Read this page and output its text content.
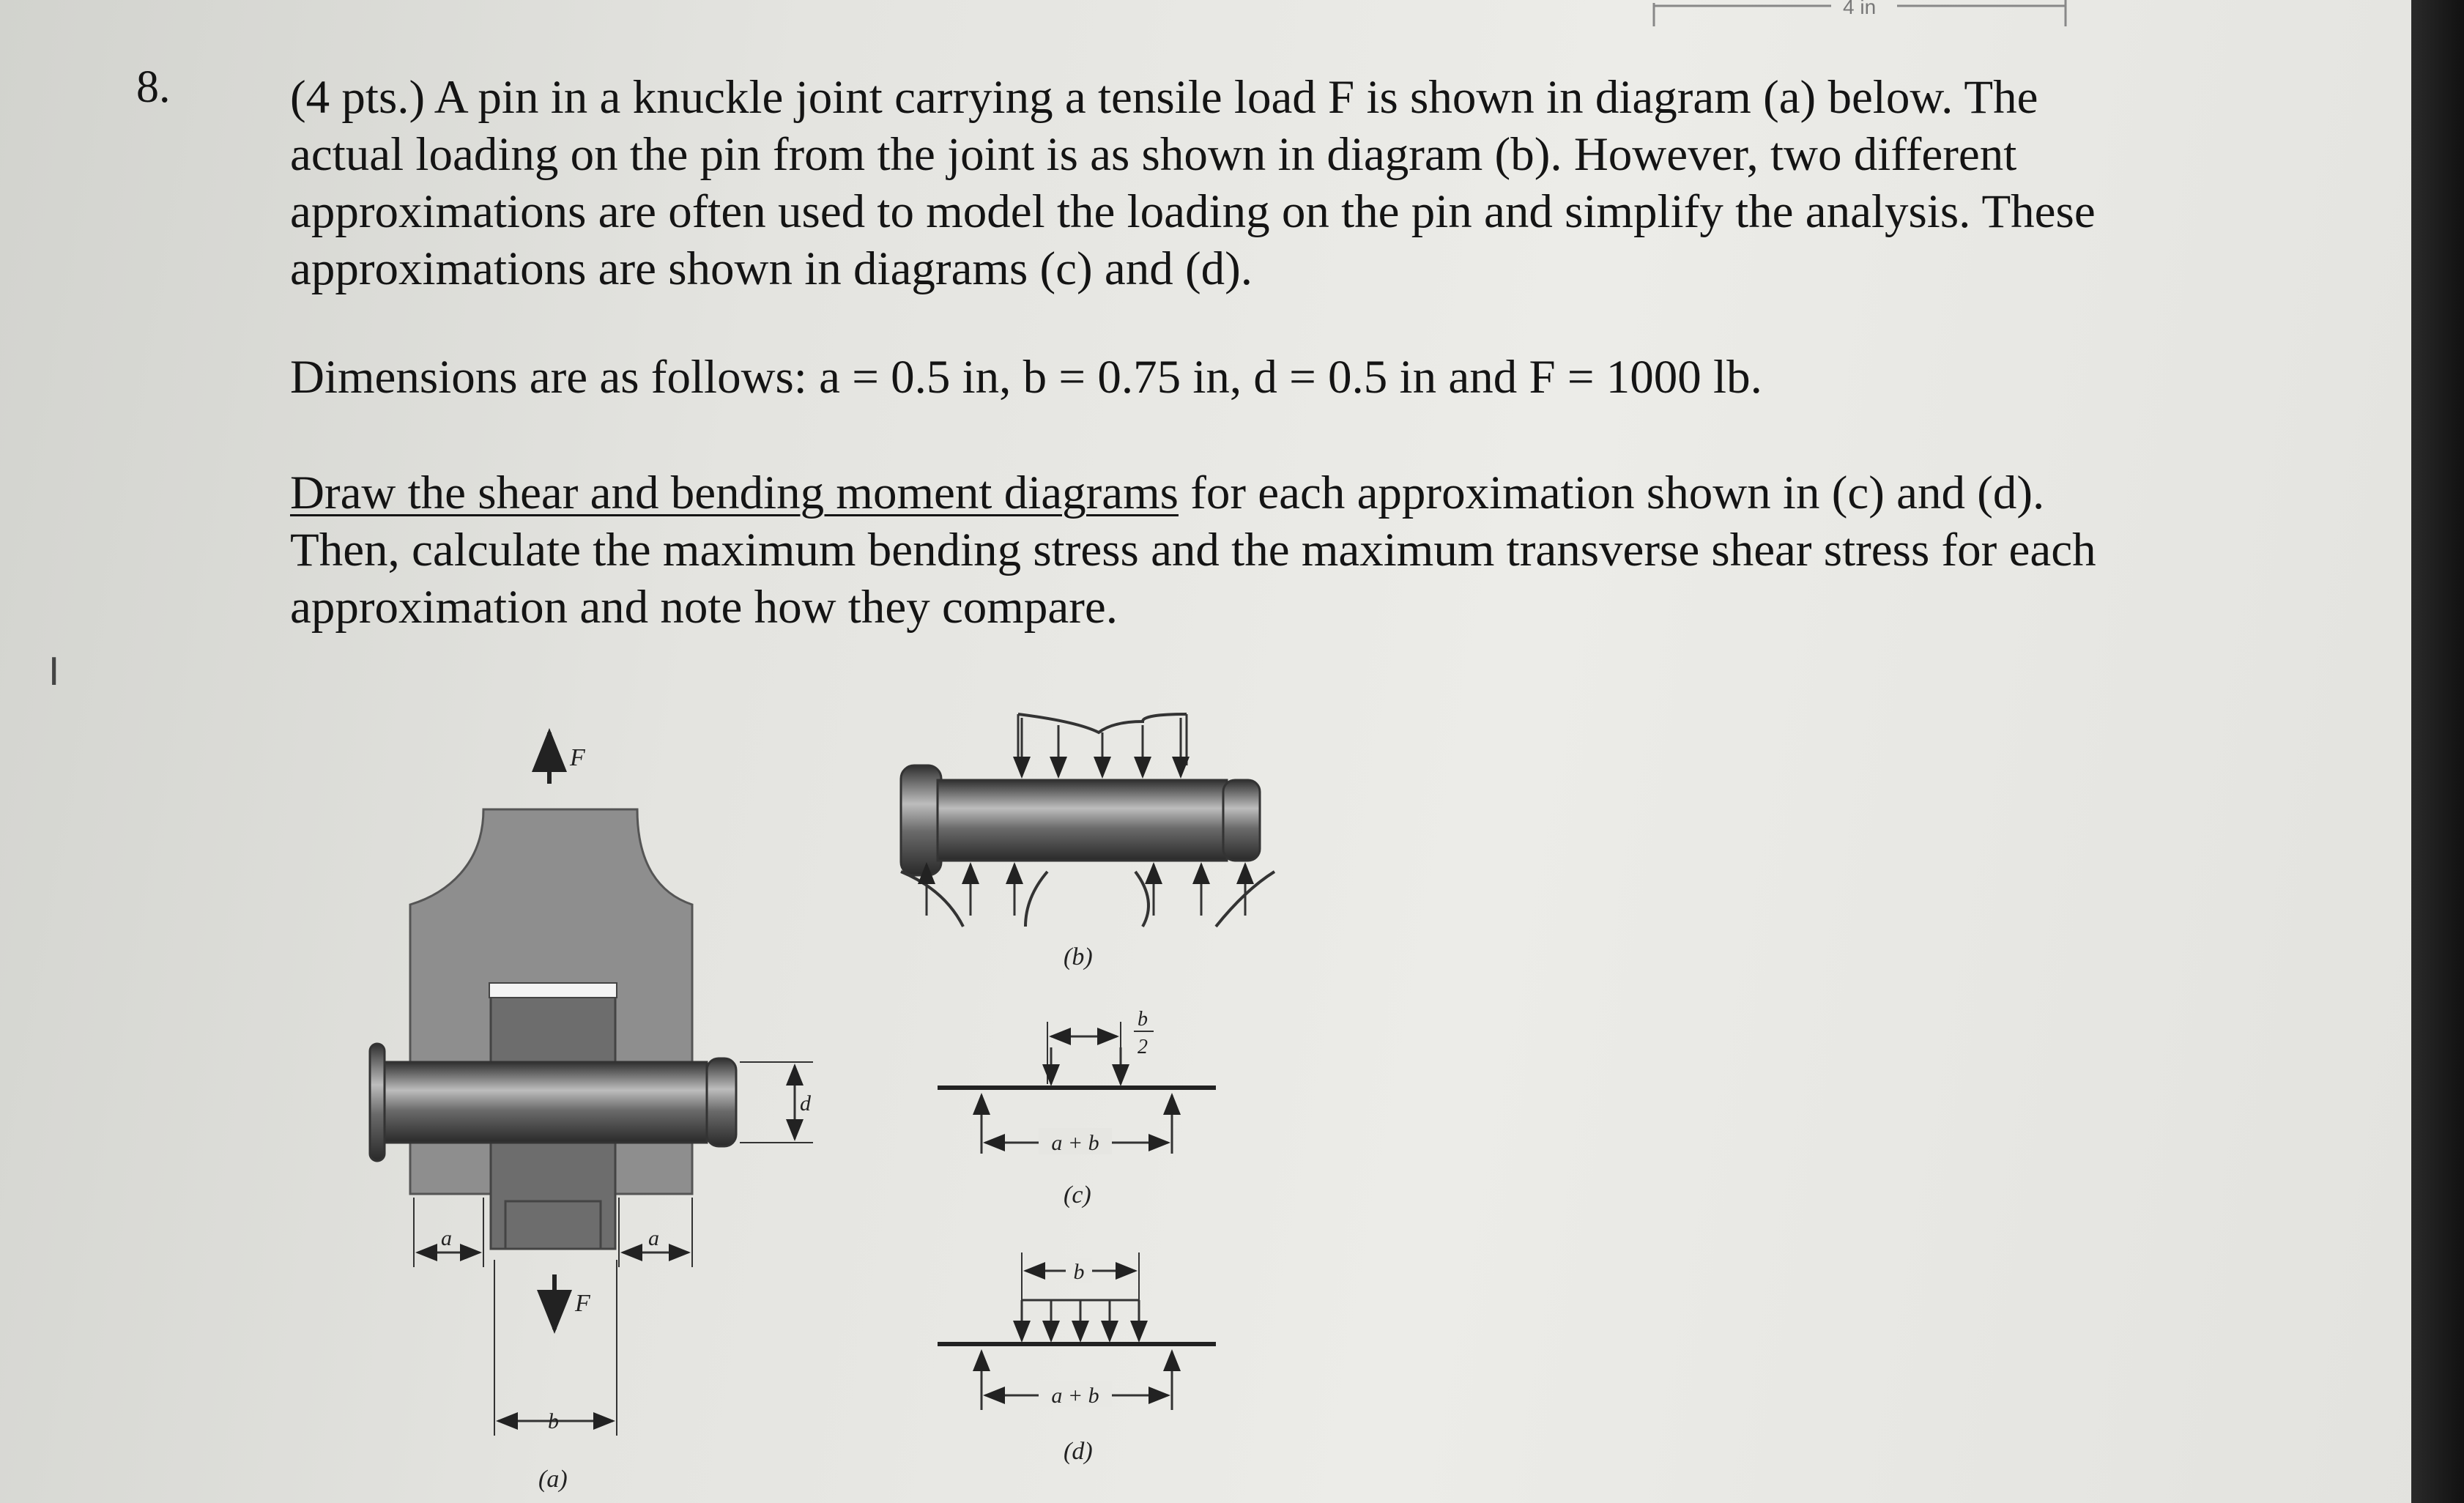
4 in
8.	(4 pts.) A pin in a knuckle joint carrying a tensile load F is shown in diagram (a) below. The
actual loading on the pin from the joint is as shown in diagram (b). However, two different
approximations are often used to model the loading on the pin and simplify the analysis. These
approximations are shown in diagrams (c) and (d).
Dimensions are as follows: a = 0.5 in, b = 0.75 in, d = 0.5 in and F = 1000 lb.
Draw the shear and bending moment diagrams for each approximation shown in (c) and (d).
Then, calculate the maximum bending stress and the maximum transverse shear stress for each
approximation and note how they compare.
I
F
d
a	a
F
b
(a)
(b)
b
2
a + b
(c)
b
a + b
(d)
